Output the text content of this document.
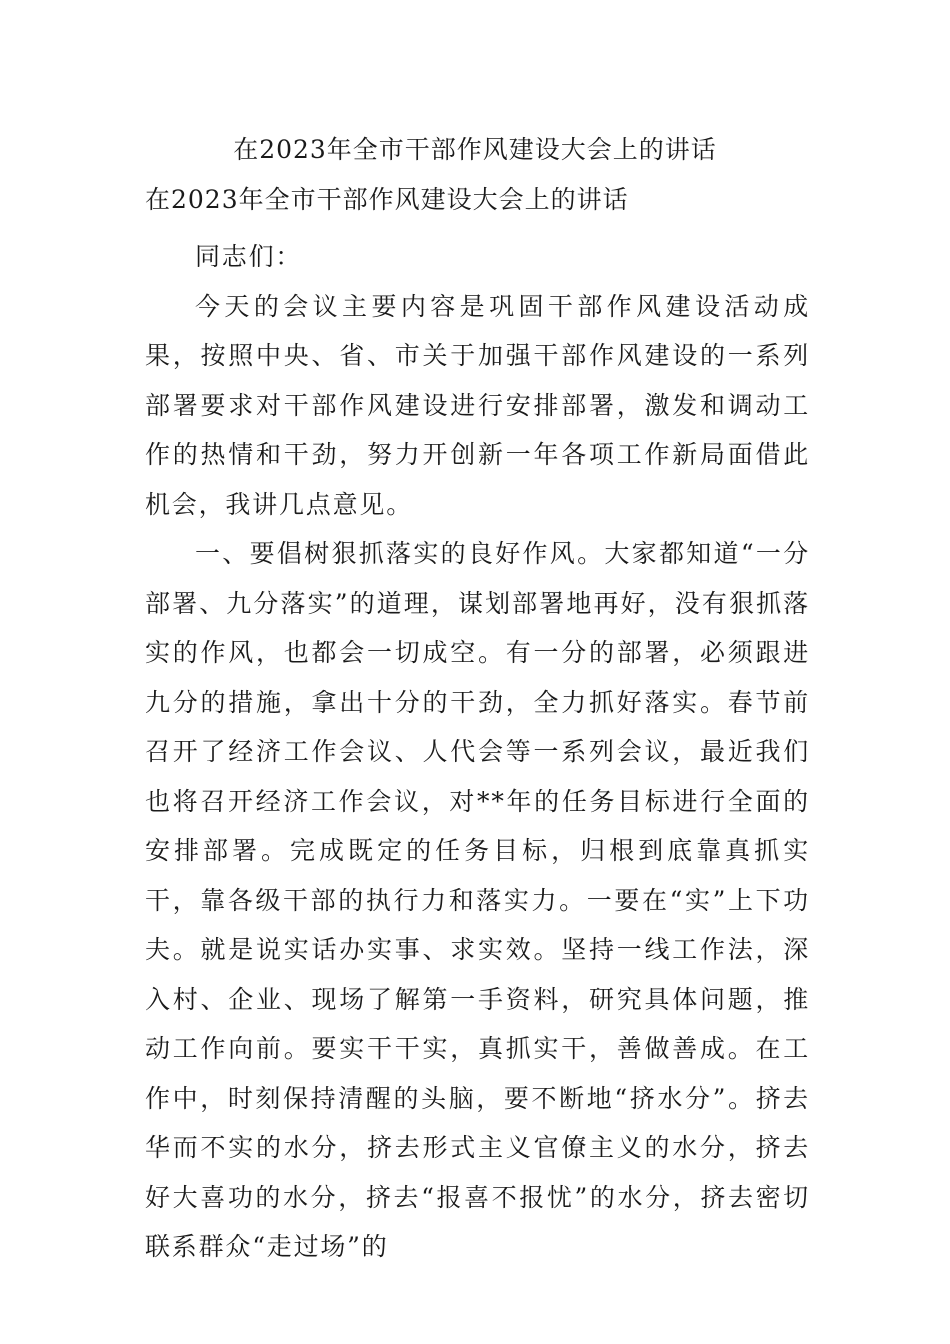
在2023年全市干部作风建设大会上的讲话
在2023年全市干部作风建设大会上的讲话

同志们：

今天的会议主要内容是巩固干部作风建设活动成果，按照中央、省、市关于加强干部作风建设的一系列部署要求对干部作风建设进行安排部署，激发和调动工作的热情和干劲，努力开创新一年各项工作新局面借此机会，我讲几点意见。

一、要倡树狠抓落实的良好作风。大家都知道“一分部署、九分落实”的道理，谋划部署地再好，没有狠抓落实的作风，也都会一切成空。有一分的部署，必须跟进九分的措施，拿出十分的干劲，全力抓好落实。春节前召开了经济工作会议、人代会等一系列会议，最近我们也将召开经济工作会议，对**年的任务目标进行全面的安排部署。完成既定的任务目标，归根到底靠真抓实干，靠各级干部的执行力和落实力。一要在“实”上下功夫。就是说实话办实事、求实效。坚持一线工作法，深入村、企业、现场了解第一手资料，研究具体问题，推动工作向前。要实干干实，真抓实干，善做善成。在工作中，时刻保持清醒的头脑，要不断地“挤水分”。挤去华而不实的水分，挤去形式主义官僚主义的水分，挤去好大喜功的水分，挤去“报喜不报忧”的水分，挤去密切联系群众“走过场”的
